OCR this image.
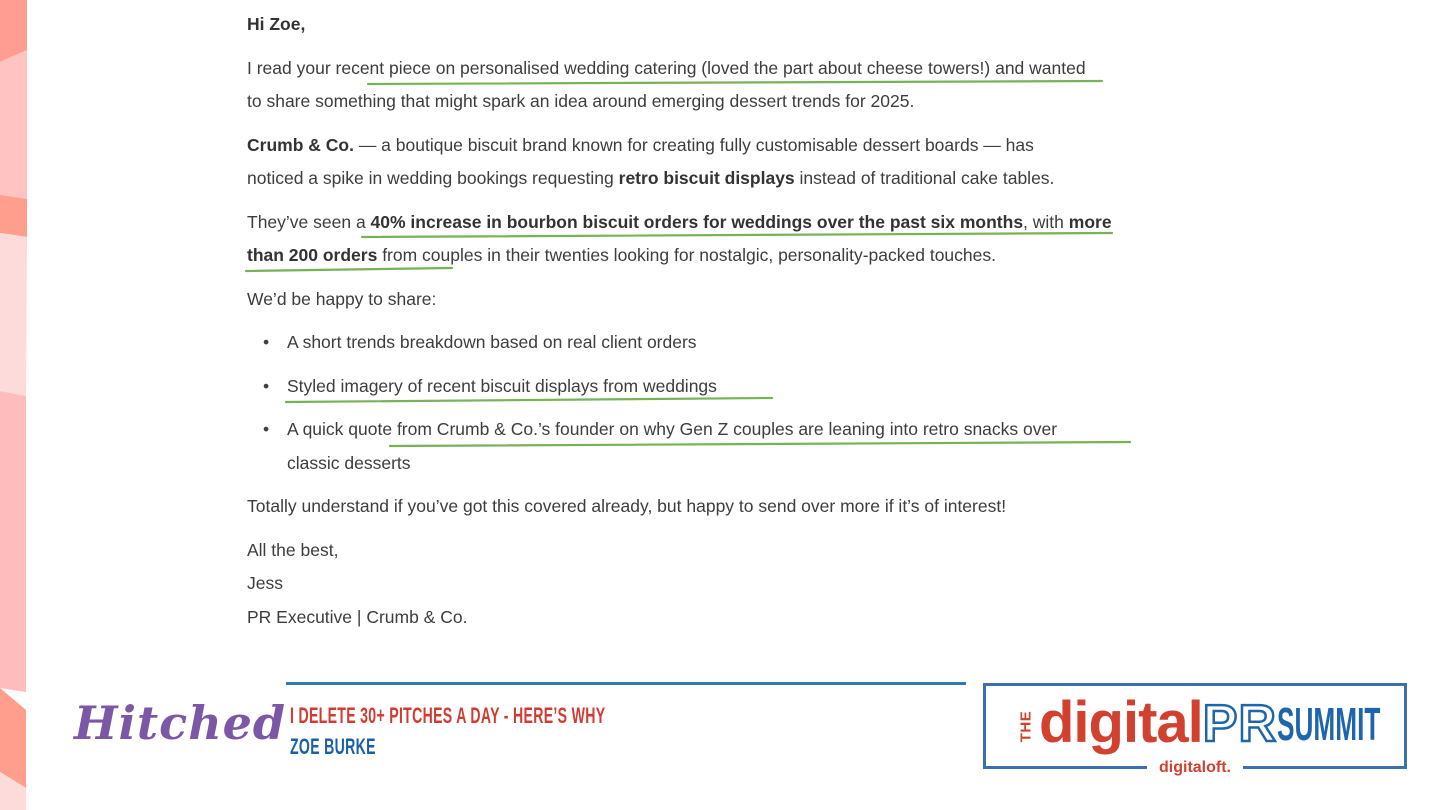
Hi Zoe,
I read your recent piece on personalised wedding catering (loved the part about cheese towers!) and wanted
to share something that might spark an idea around emerging dessert trends for 2025.
Crumb & Co. — a boutique biscuit brand known for creating fully customisable dessert boards — has
noticed a spike in wedding bookings requesting retro biscuit displays instead of traditional cake tables.
They’ve seen a 40% increase in bourbon biscuit orders for weddings over the past six months, with more
than 200 orders from couples in their twenties looking for nostalgic, personality-packed touches.
We’d be happy to share:
• A short trends breakdown based on real client orders
• Styled imagery of recent biscuit displays from weddings
• A quick quote from Crumb & Co.’s founder on why Gen Z couples are leaning into retro snacks over
classic desserts
Totally understand if you’ve got this covered already, but happy to send over more if it’s of interest!
All the best,
Jess
PR Executive | Crumb & Co.
Hitched I DELETE 30+ PITCHES A DAY - HERE’S WHY
ZOE BURKE
THE digital PR SUMMIT
digitaloft.
